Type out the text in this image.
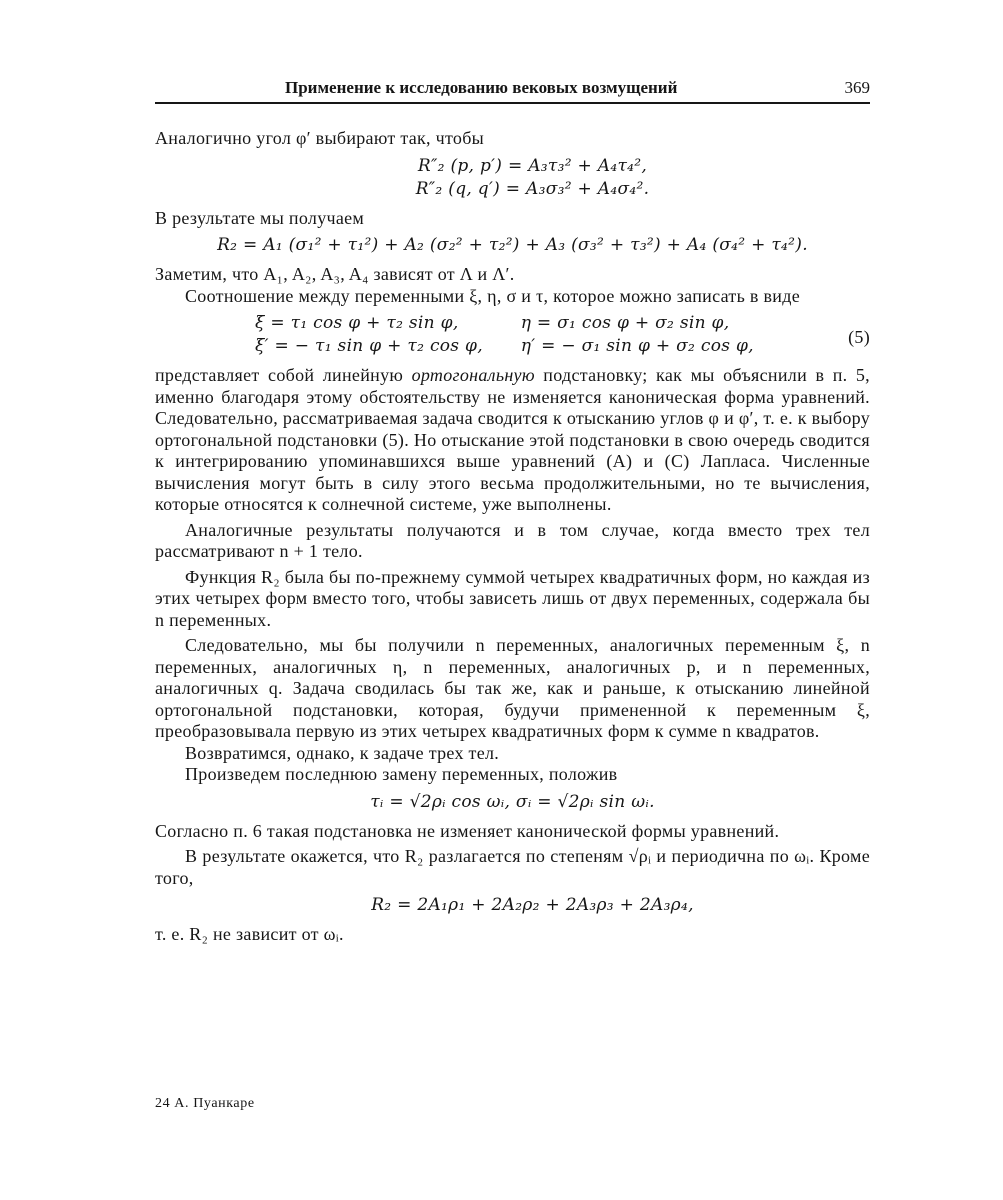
Применение к исследованию вековых возмущений	369

Аналогично угол φ′ выбирают так, чтобы

R″₂ (p, p′) = A₃τ₃² + A₄τ₄²,
R″₂ (q, q′) = A₃σ₃² + A₄σ₄².

В результате мы получаем

R₂ = A₁ (σ₁² + τ₁²) + A₂ (σ₂² + τ₂²) + A₃ (σ₃² + τ₃²) + A₄ (σ₄² + τ₄²).

Заметим, что A₁, A₂, A₃, A₄ зависят от Λ и Λ′.

Соотношение между переменными ξ, η, σ и τ, которое можно записать в виде

ξ = τ₁ cos φ + τ₂ sin φ,	η = σ₁ cos φ + σ₂ sin φ,
ξ′ = − τ₁ sin φ + τ₂ cos φ, η′ = − σ₁ sin φ + σ₂ cos φ,	(5)

представляет собой линейную ортогональную подстановку; как мы объяснили в п. 5, именно благодаря этому обстоятельству не изменяется каноническая форма уравнений. Следовательно, рассматриваемая задача сводится к отысканию углов φ и φ′, т. е. к выбору ортогональной подстановки (5). Но отыскание этой подстановки в свою очередь сводится к интегрированию упоминавшихся выше уравнений (A) и (C) Лапласа. Численные вычисления могут быть в силу этого весьма продолжительными, но те вычисления, которые относятся к солнечной системе, уже выполнены.

Аналогичные результаты получаются и в том случае, когда вместо трех тел рассматривают n + 1 тело.

Функция R₂ была бы по-прежнему суммой четырех квадратичных форм, но каждая из этих четырех форм вместо того, чтобы зависеть лишь от двух переменных, содержала бы n переменных.

Следовательно, мы бы получили n переменных, аналогичных переменным ξ, n переменных, аналогичных η, n переменных, аналогичных p, и n переменных, аналогичных q. Задача сводилась бы так же, как и раньше, к отысканию линейной ортогональной подстановки, которая, будучи примененной к переменным ξ, преобразовывала первую из этих четырех квадратичных форм к сумме n квадратов.

Возвратимся, однако, к задаче трех тел.

Произведем последнюю замену переменных, положив

τᵢ = √2ρᵢ cos ωᵢ, σᵢ = √2ρᵢ sin ωᵢ.

Согласно п. 6 такая подстановка не изменяет канонической формы уравнений.

В результате окажется, что R₂ разлагается по степеням √ρᵢ и периодична по ωᵢ. Кроме того,

R₂ = 2A₁ρ₁ + 2A₂ρ₂ + 2A₃ρ₃ + 2A₃ρ₄,

т. е. R₂ не зависит от ωᵢ.

24 А. Пуанкаре
